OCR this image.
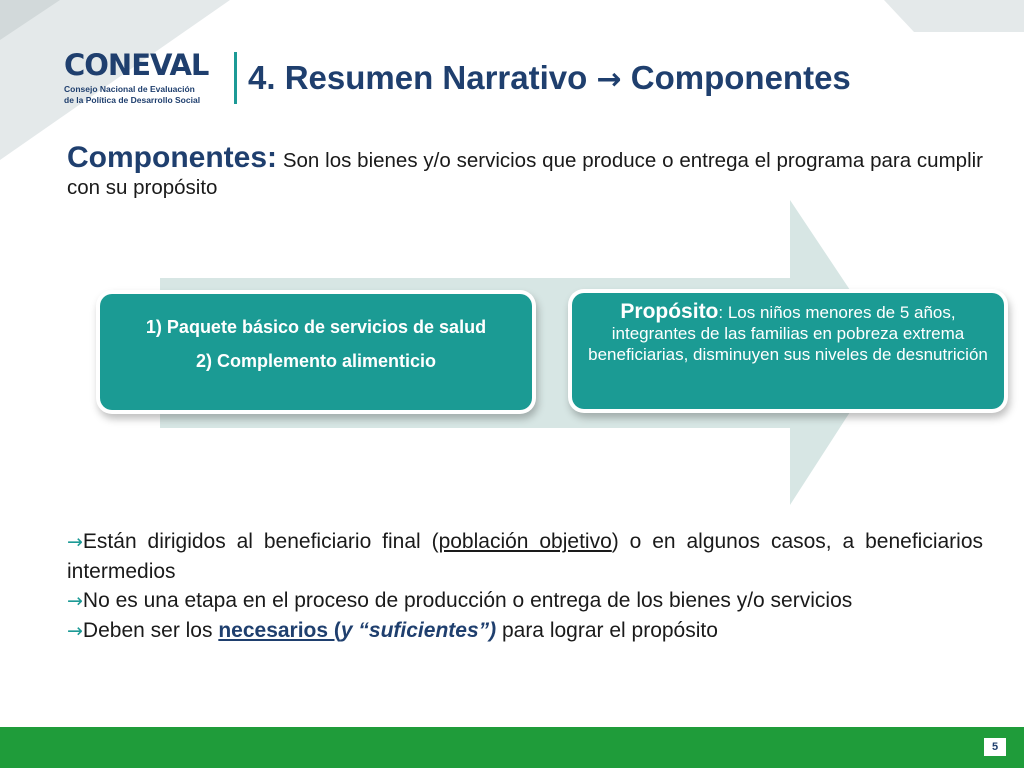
CONEVAL
Consejo Nacional de Evaluación
de la Política de Desarrollo Social
4. Resumen Narrativo → Componentes
Componentes: Son los bienes y/o servicios que produce o entrega el programa para cumplir con su propósito
1) Paquete básico de servicios de salud
2) Complemento alimenticio
Propósito: Los niños menores de 5 años, integrantes de las familias en pobreza extrema beneficiarias, disminuyen sus niveles de desnutrición
→Están dirigidos al beneficiario final (población objetivo) o en algunos casos, a beneficiarios intermedios
→No es una etapa en el proceso de producción o entrega de los bienes y/o servicios
→Deben ser los necesarios (y “suficientes”) para lograr el propósito
5
